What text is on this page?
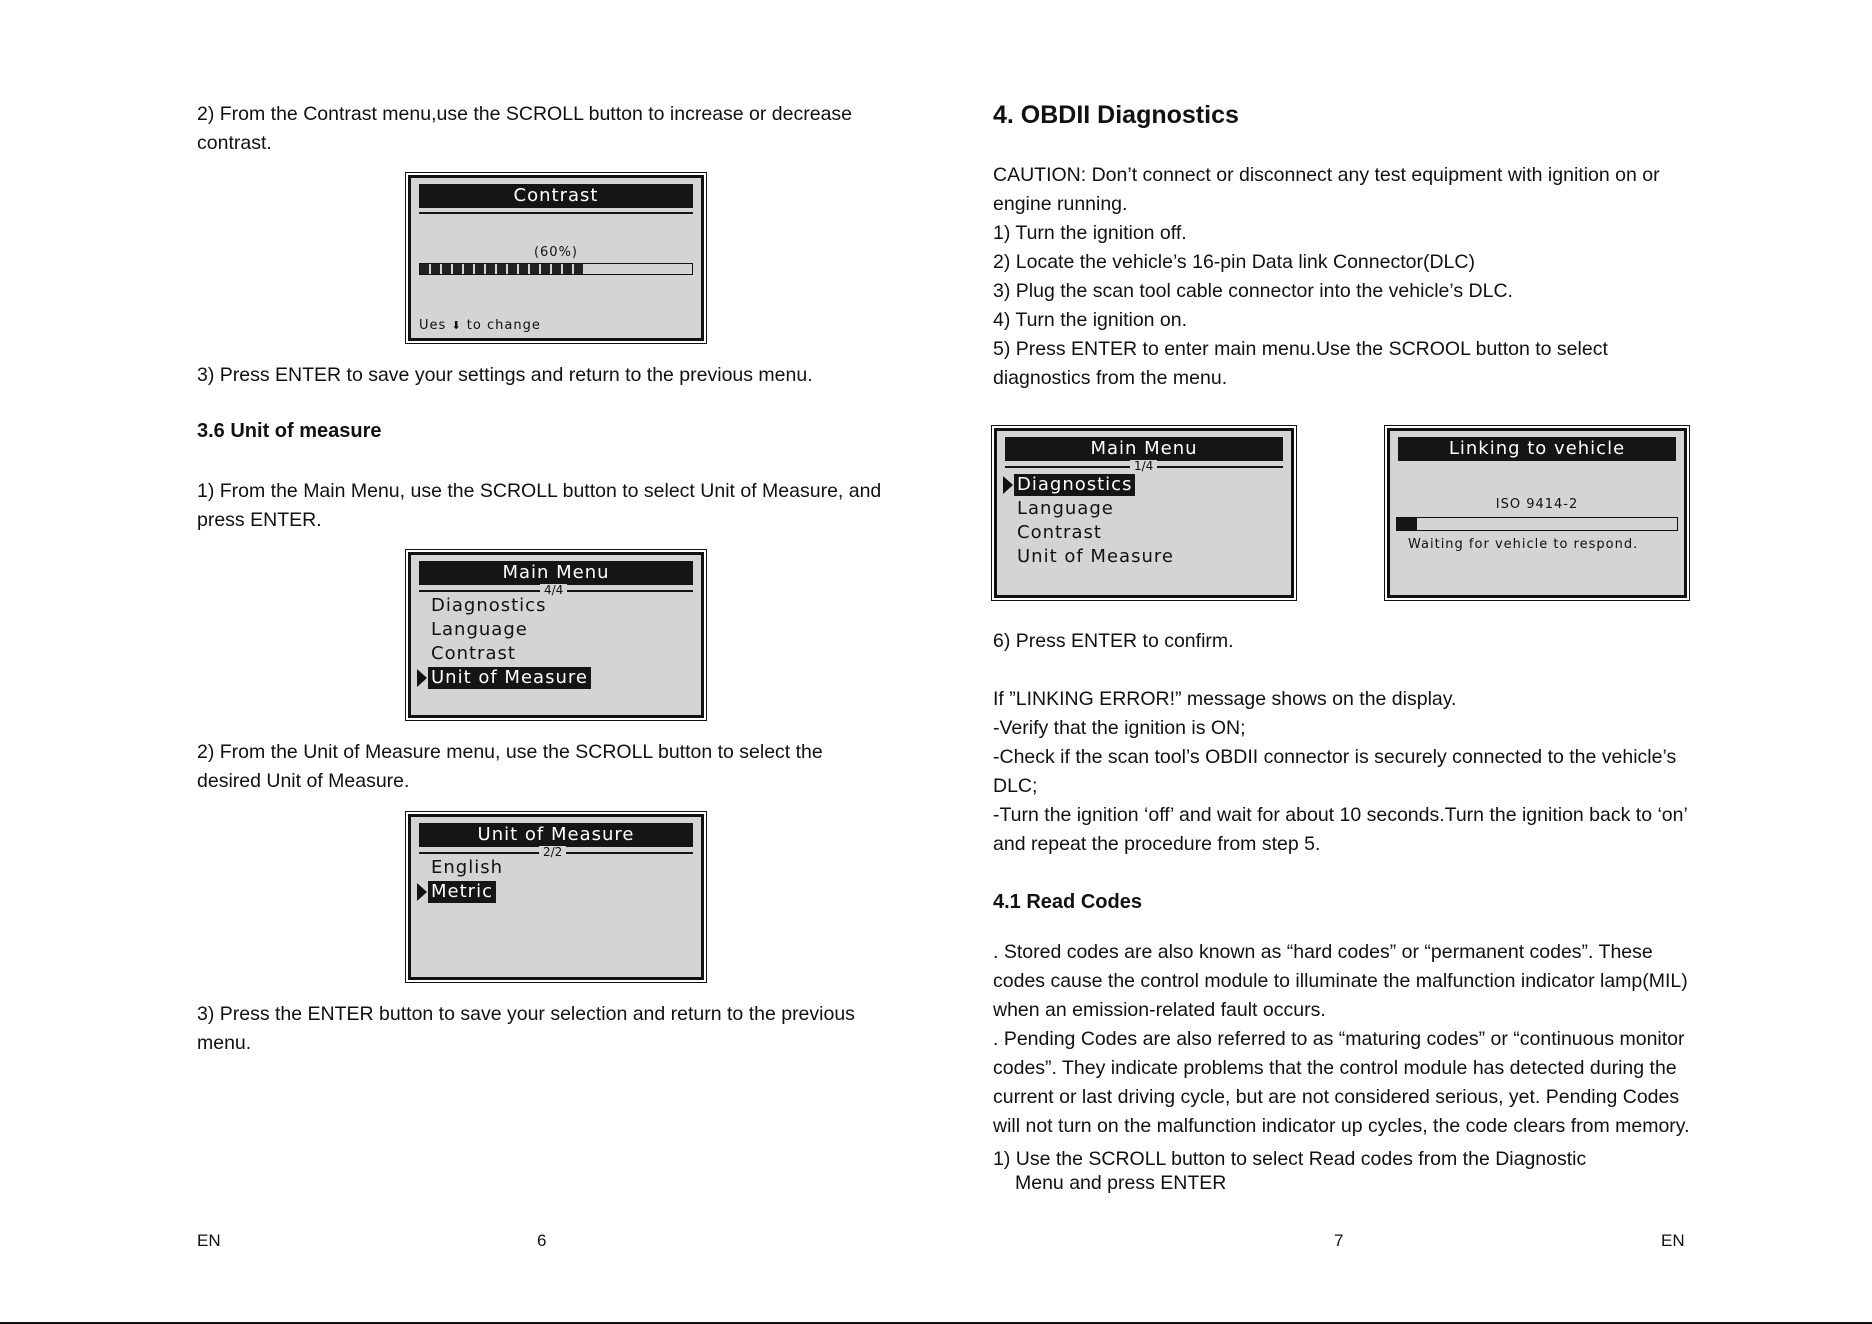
2) From the Contrast menu,use the SCROLL button to increase or decrease
contrast.
Contrast
(60%)
Ues ⬇ to change
3) Press ENTER to save your settings and return to the previous menu.
3.6 Unit of measure
1) From the Main Menu, use the SCROLL button to select Unit of Measure, and
press ENTER.
Main Menu
4/4
Diagnostics
Language
Contrast
Unit of Measure
2) From the Unit of Measure menu, use the SCROLL button to select the
desired Unit of Measure.
Unit of Measure
2/2
English
Metric
3) Press the ENTER button to save your selection and return to the previous
menu.
EN	6
4. OBDII Diagnostics
CAUTION: Don’t connect or disconnect any test equipment with ignition on or
engine running.
1) Turn the ignition off.
2) Locate the vehicle’s 16-pin Data link Connector(DLC)
3) Plug the scan tool cable connector into the vehicle’s DLC.
4) Turn the ignition on.
5) Press ENTER to enter main menu.Use the SCROOL button to select
diagnostics from the menu.
Main Menu
1/4
Diagnostics
Language
Contrast
Unit of Measure
Linking to vehicle
ISO 9414-2
Waiting for vehicle to respond.
6) Press ENTER to confirm.
If ”LINKING ERROR!” message shows on the display.
-Verify that the ignition is ON;
-Check if the scan tool’s OBDII connector is securely connected to the vehicle’s
DLC;
-Turn the ignition ‘off’ and wait for about 10 seconds.Turn the ignition back to ‘on’
and repeat the procedure from step 5.
4.1 Read Codes
. Stored codes are also known as “hard codes” or “permanent codes”. These
codes cause the control module to illuminate the malfunction indicator lamp(MIL)
when an emission-related fault occurs.
. Pending Codes are also referred to as “maturing codes” or “continuous monitor
codes”. They indicate problems that the control module has detected during the
current or last driving cycle, but are not considered serious, yet. Pending Codes
will not turn on the malfunction indicator up cycles, the code clears from memory.
1) Use the SCROLL button to select Read codes from the Diagnostic
Menu and press ENTER
7	EN
